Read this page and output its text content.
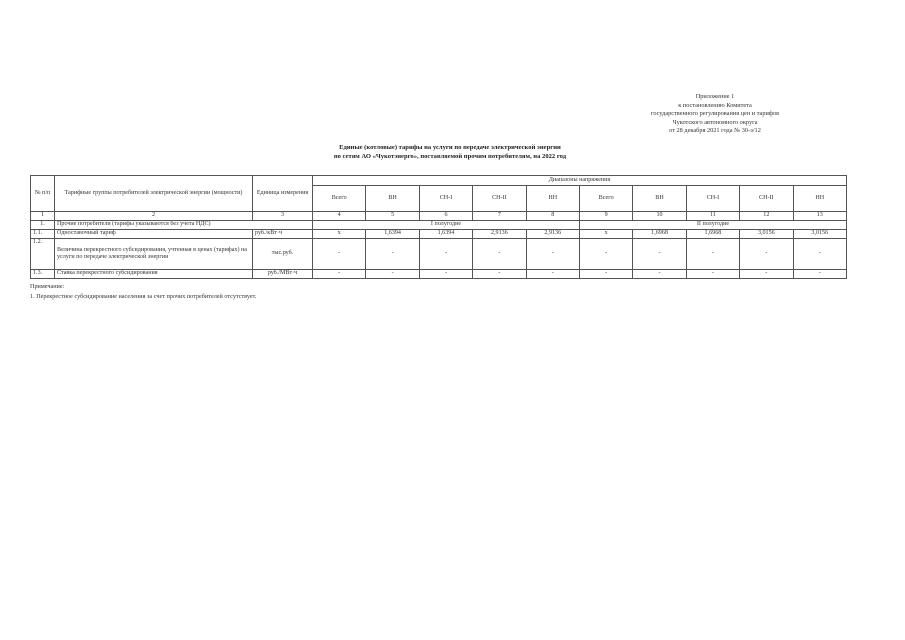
Приложение 1
к постановлению Комитета
государственного регулирования цен и тарифов
Чукотского автономного округа
от 28 декабря 2021 года № 30-э/12
Единые (котловые) тарифы на услуги по передаче электрической энергии
по сетям АО «Чукотэнерго», поставляемой прочим потребителям, на 2022 год
№ п/п	Тарифные группы потребителей электрической энергии (мощности)	Единица измерения	Диапазоны напряжения									
			Всего	ВН	СН-I	СН-II	НН	Всего	ВН	СН-I	СН-II	НН
1	2	3	4	5	6	7	8	9	10	11	12	13
1.	Прочие потребители (тарифы указываются без учета НДС)		I полугодие					II полугодие				
1.1.	Одноставочный тариф	руб./кВт·ч	х	1,6394	1,6394	2,9136	2,9136	х	1,6968	1,6968	3,0156	3,0156
1.2.	Величина перекрестного субсидирования, учтенная в ценах (тарифах) на услуги по передаче электрической энергии	тыс.руб.	-	-	-	-	-	-	-	-	-	-
1.3.	Ставка перекрестного субсидирования	руб./МВт·ч	-	-	-	-	-	-	-	-	-	-
Примечание:
1. Перекрестное субсидирование населения за счет прочих потребителей отсутствует.
